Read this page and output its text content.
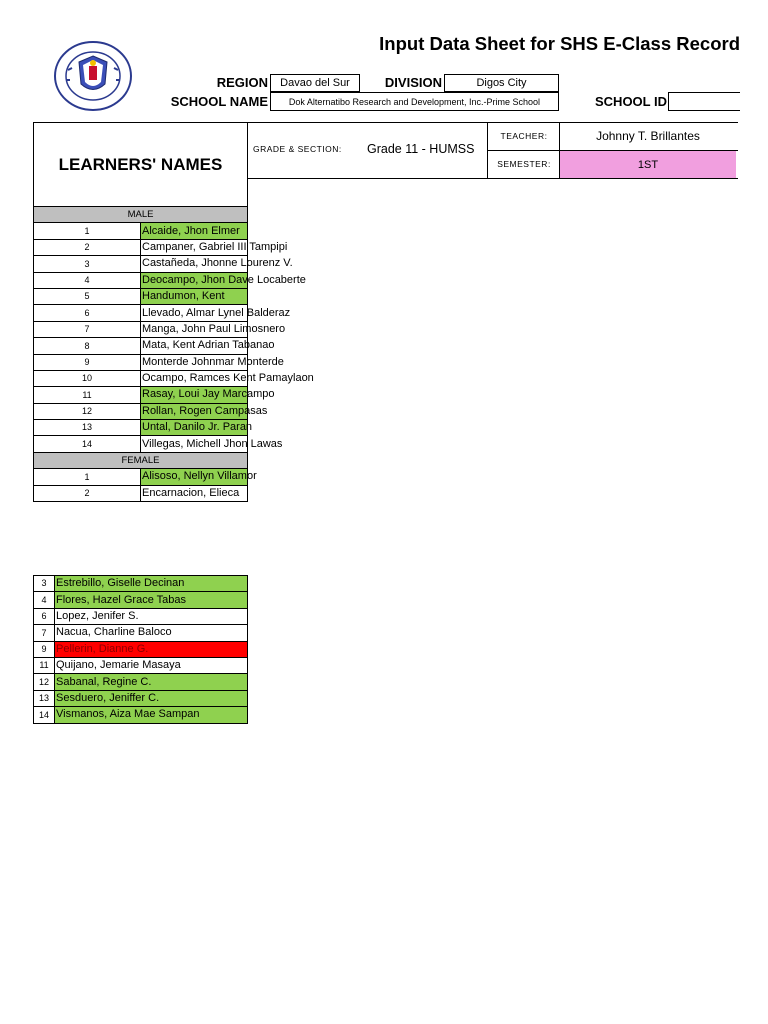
Input Data Sheet for SHS E-Class Record
REGION	Davao del Sur	DIVISION	Digos City
SCHOOL NAME	Dok Alternatibo Research and Development, Inc.-Prime School	SCHOOL ID
LEARNERS' NAMES
GRADE & SECTION: Grade 11 - HUMSS
TEACHER:	Johnny T. Brillantes
SEMESTER:	1ST
MALE	
1	Alcaide, Jhon Elmer
2	Campaner, Gabriel III Tampipi
3	Castañeda, Jhonne Lourenz V.
4	Deocampo, Jhon Dave Locaberte
5	Handumon, Kent
6	Llevado, Almar Lynel Balderaz
7	Manga, John Paul Limosnero
8	Mata, Kent Adrian Tabanao
9	Monterde Johnmar Monterde
10	Ocampo, Ramces Kent Pamaylaon
11	Rasay, Loui Jay Marcampo
12	Rollan, Rogen Campasas
13	Untal, Danilo Jr. Paran
14	Villegas, Michell Jhon Lawas
FEMALE	
1	Alisoso, Nellyn Villamor
2	Encarnacion, Elieca
3	Estrebillo, Giselle Decinan
4	Flores, Hazel Grace Tabas
6	Lopez, Jenifer S.
7	Nacua, Charline Baloco
9	Pellerin, Dianne G.
11	Quijano, Jemarie Masaya
12	Sabanal, Regine C.
13	Sesduero, Jeniffer C.
14	Vismanos, Aiza Mae Sampan
